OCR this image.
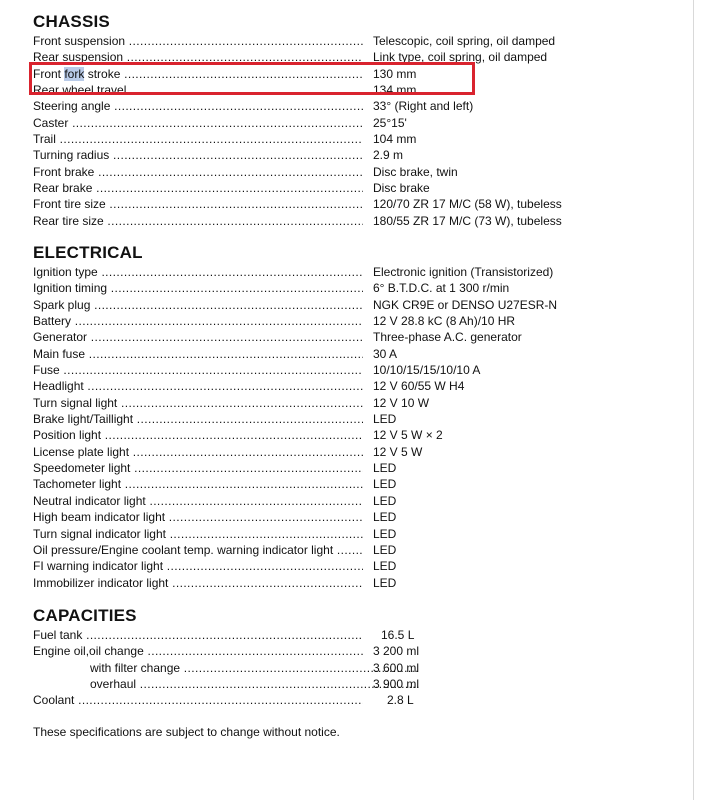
CHASSIS
Front suspension .....	Telescopic, coil spring, oil damped
Rear suspension .....	Link type, coil spring, oil damped
Front fork stroke .....	130 mm
Rear wheel travel .....	134 mm
Steering angle .....	33° (Right and left)
Caster .....	25°15'
Trail .....	104 mm
Turning radius .....	2.9 m
Front brake .....	Disc brake, twin
Rear brake .....	Disc brake
Front tire size .....	120/70 ZR 17 M/C (58 W), tubeless
Rear tire size .....	180/55 ZR 17 M/C (73 W), tubeless
ELECTRICAL
Ignition type .....	Electronic ignition (Transistorized)
Ignition timing .....	6° B.T.D.C. at 1 300 r/min
Spark plug .....	NGK CR9E or DENSO U27ESR-N
Battery .....	12 V 28.8 kC (8 Ah)/10 HR
Generator .....	Three-phase A.C. generator
Main fuse .....	30 A
Fuse .....	10/10/15/15/10/10 A
Headlight .....	12 V 60/55 W H4
Turn signal light .....	12 V 10 W
Brake light/Taillight .....	LED
Position light .....	12 V 5 W × 2
License plate light .....	12 V 5 W
Speedometer light .....	LED
Tachometer light .....	LED
Neutral indicator light .....	LED
High beam indicator light .....	LED
Turn signal indicator light .....	LED
Oil pressure/Engine coolant temp. warning indicator light .....	LED
FI warning indicator light .....	LED
Immobilizer indicator light .....	LED
CAPACITIES
Fuel tank .....	16.5 L
Engine oil,oil change .....	3 200 ml
with filter change .....	3 600 ml
overhaul .....	3 900 ml
Coolant .....	2.8 L
These specifications are subject to change without notice.
